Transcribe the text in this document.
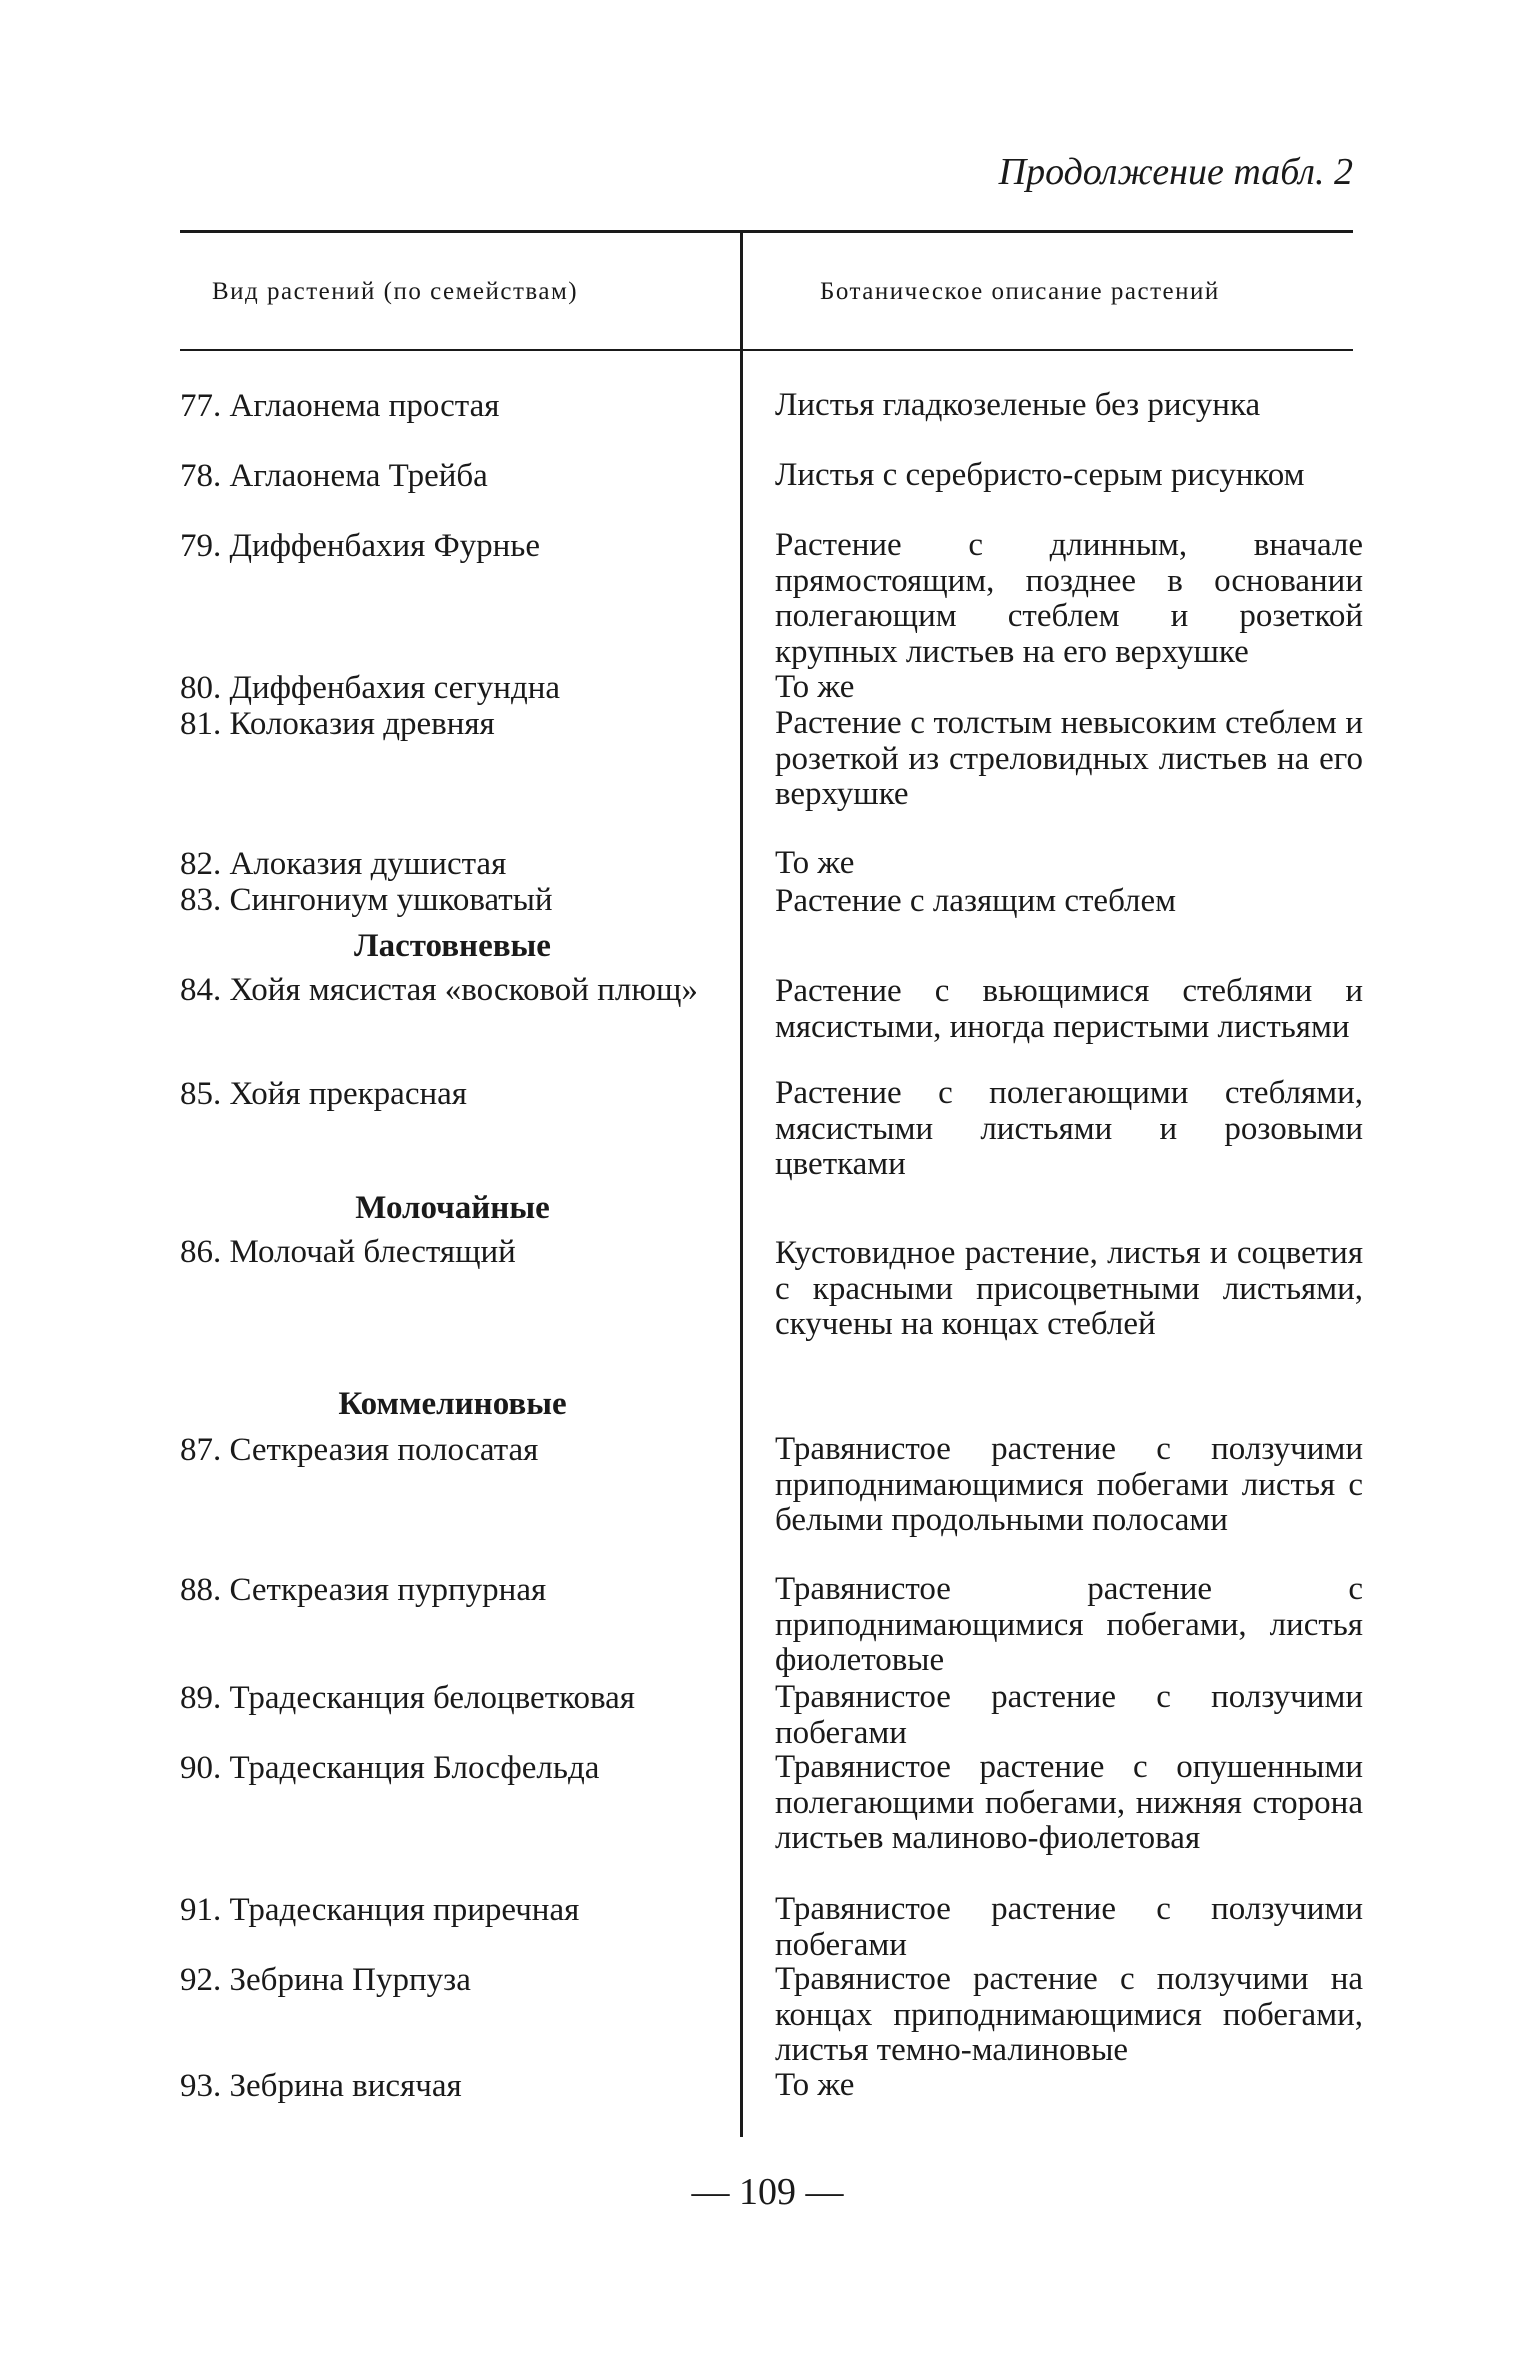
Продолжение табл. 2
Вид растений (по семействам)	Ботаническое описание растений
77. Аглаонема простая	Листья гладкозеленые без рисунка
78. Аглаонема Трейба	Листья с серебристо-серым рисунком
79. Диффенбахия Фурнье	Растение с длинным, вначале прямостоящим, позднее в основании полегающим стеблем и розеткой крупных листьев на его верхушке
80. Диффенбахия сегундна	То же
81. Колоказия древняя	Растение с толстым невысоким стеблем и розеткой из стреловидных листьев на его верхушке
82. Алоказия душистая	То же
83. Сингониум ушковатый	Растение с лазящим стеблем
Ластовневые
84. Хойя мясистая «восковой плющ»	Растение с вьющимися стеблями и мясистыми, иногда перистыми листьями
85. Хойя прекрасная	Растение с полегающими стеблями, мясистыми листьями и розовыми цветками
Молочайные
86. Молочай блестящий	Кустовидное растение, листья и соцветия с красными присоцветными листьями, скучены на концах стеблей
Коммелиновые
87. Сеткреазия полосатая	Травянистое растение с ползучими приподнимающимися побегами листья с белыми продольными полосами
88. Сеткреазия пурпурная	Травянистое растение с приподнимающимися побегами, листья фиолетовые
89. Традесканция белоцветковая	Травянистое растение с ползучими побегами
90. Традесканция Блосфельда	Травянистое растение с опушенными полегающими побегами, нижняя сторона листьев малиново-фиолетовая
91. Традесканция приречная	Травянистое растение с ползучими побегами
92. Зебрина Пурпуза	Травянистое растение с ползучими на концах приподнимающимися побегами, листья темно-малиновые
93. Зебрина висячая	То же
— 109 —
